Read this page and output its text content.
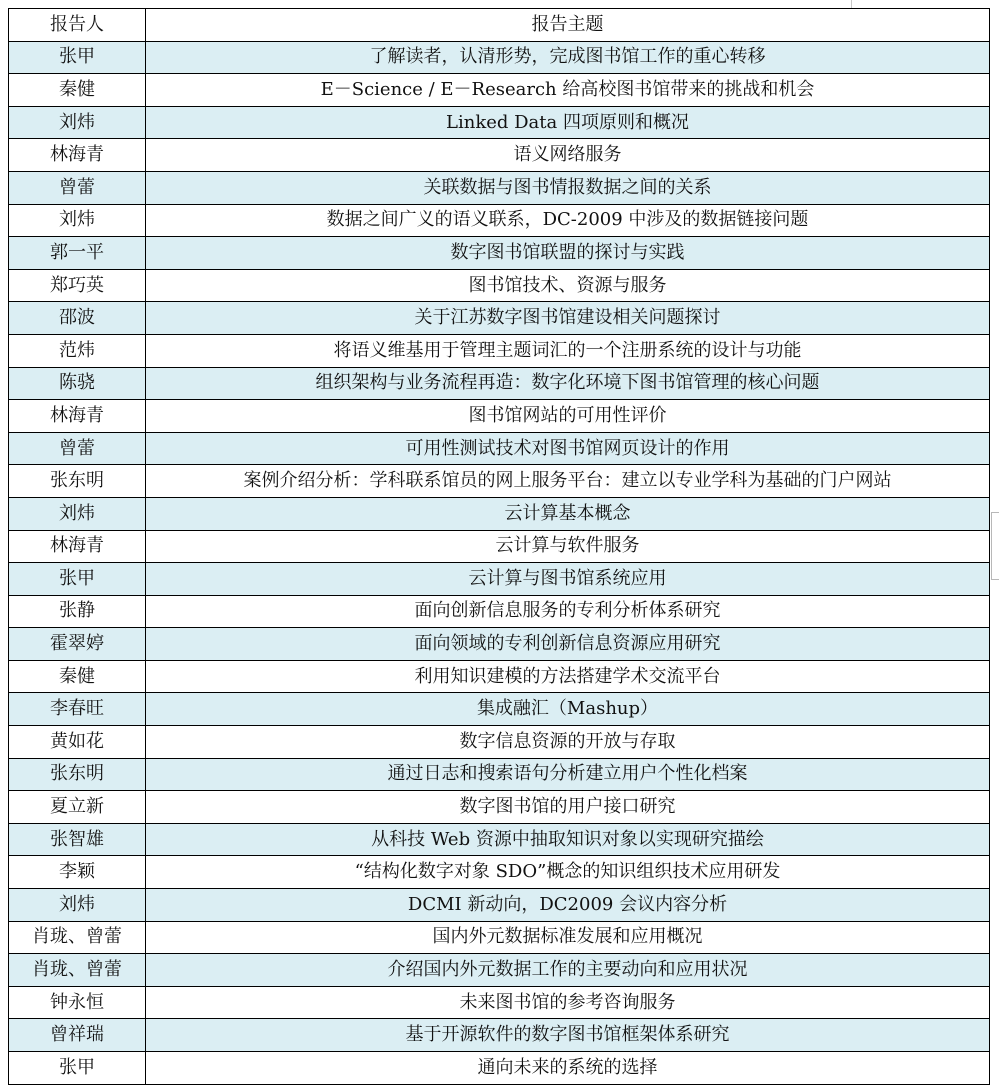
报告人	报告主题
张甲	了解读者，认清形势，完成图书馆工作的重心转移
秦健	E－Science / E－Research 给高校图书馆带来的挑战和机会
刘炜	Linked Data 四项原则和概况
林海青	语义网络服务
曾蕾	关联数据与图书情报数据之间的关系
刘炜	数据之间广义的语义联系，DC-2009 中涉及的数据链接问题
郭一平	数字图书馆联盟的探讨与实践
郑巧英	图书馆技术、资源与服务
邵波	关于江苏数字图书馆建设相关问题探讨
范炜	将语义维基用于管理主题词汇的一个注册系统的设计与功能
陈骁	组织架构与业务流程再造：数字化环境下图书馆管理的核心问题
林海青	图书馆网站的可用性评价
曾蕾	可用性测试技术对图书馆网页设计的作用
张东明	案例介绍分析：学科联系馆员的网上服务平台：建立以专业学科为基础的门户网站
刘炜	云计算基本概念
林海青	云计算与软件服务
张甲	云计算与图书馆系统应用
张静	面向创新信息服务的专利分析体系研究
霍翠婷	面向领域的专利创新信息资源应用研究
秦健	利用知识建模的方法搭建学术交流平台
李春旺	集成融汇（Mashup）
黄如花	数字信息资源的开放与存取
张东明	通过日志和搜索语句分析建立用户个性化档案
夏立新	数字图书馆的用户接口研究
张智雄	从科技 Web 资源中抽取知识对象以实现研究描绘
李颖	“结构化数字对象 SDO”概念的知识组织技术应用研发
刘炜	DCMI 新动向，DC2009 会议内容分析
肖珑、曾蕾	国内外元数据标准发展和应用概况
肖珑、曾蕾	介绍国内外元数据工作的主要动向和应用状况
钟永恒	未来图书馆的参考咨询服务
曾祥瑞	基于开源软件的数字图书馆框架体系研究
张甲	通向未来的系统的选择
